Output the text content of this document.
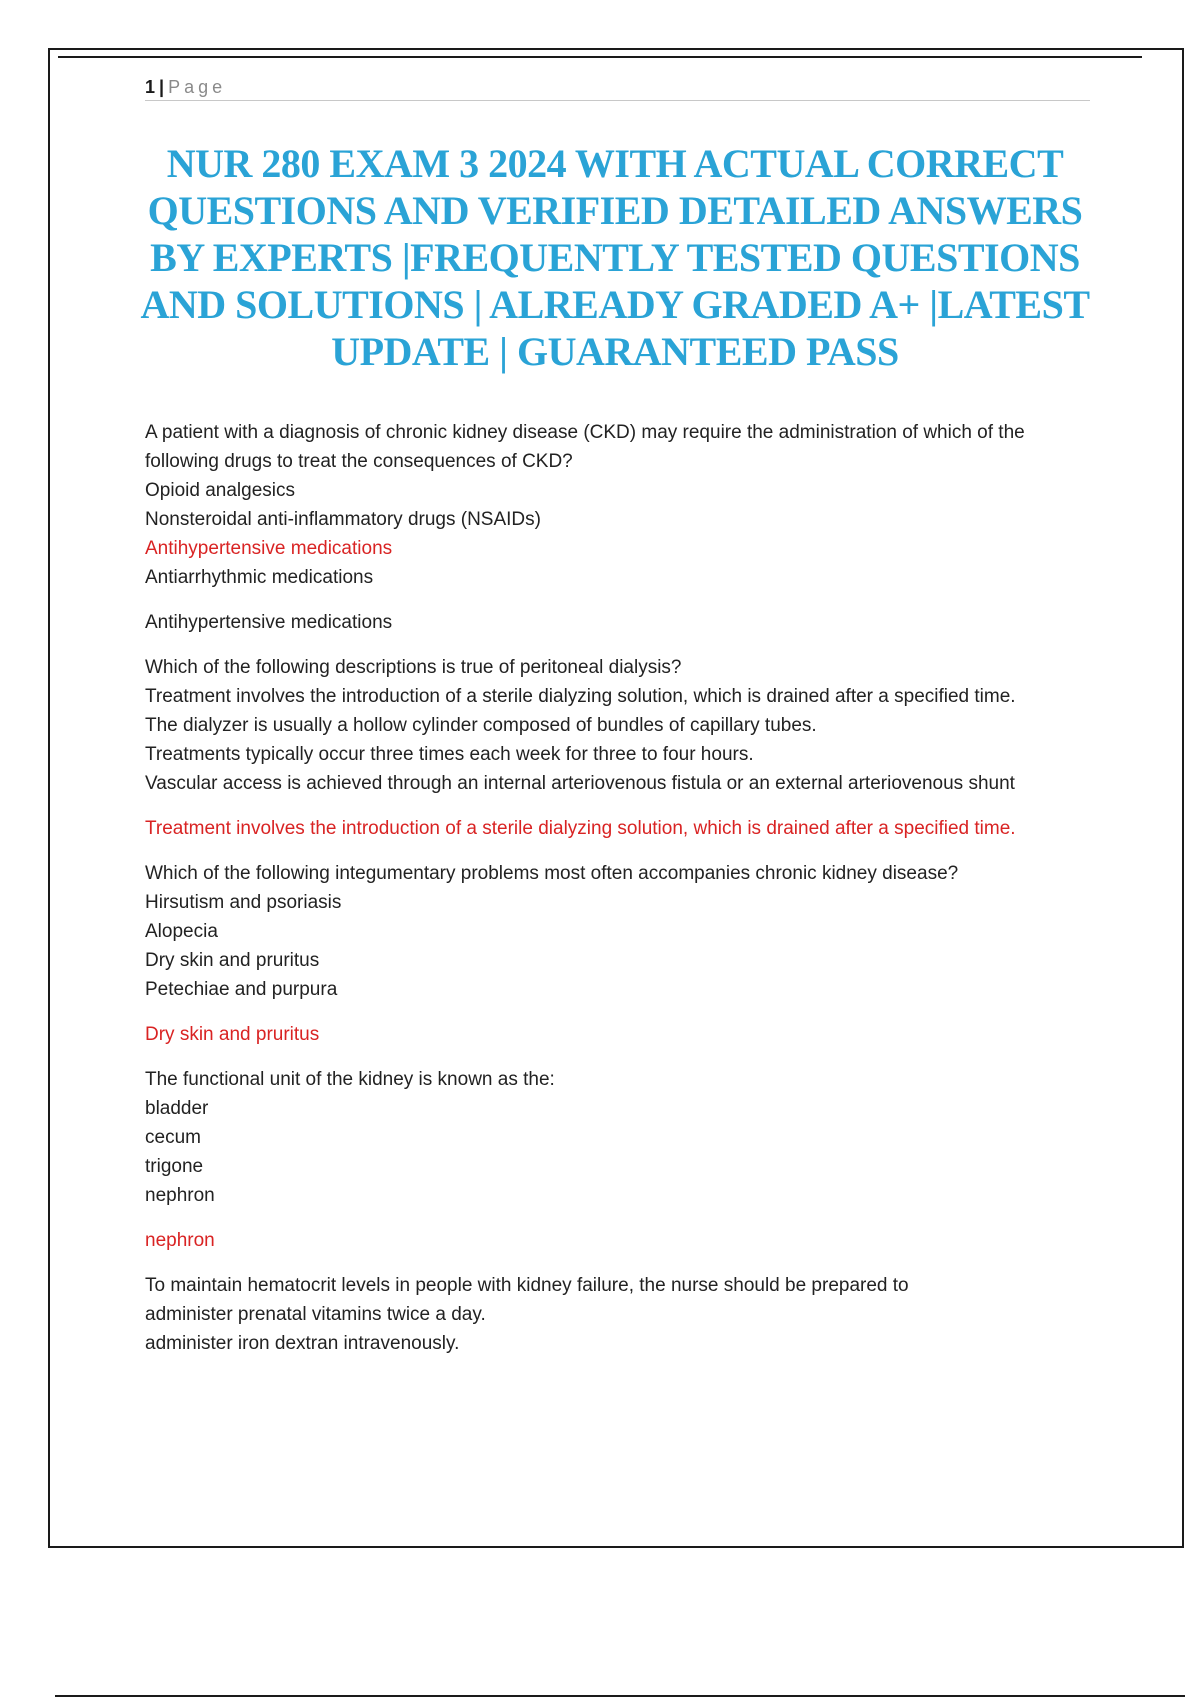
1 | Page
NUR 280 EXAM 3 2024 WITH ACTUAL CORRECT QUESTIONS AND VERIFIED DETAILED ANSWERS BY EXPERTS |FREQUENTLY TESTED QUESTIONS AND SOLUTIONS | ALREADY GRADED A+ |LATEST UPDATE | GUARANTEED PASS

A patient with a diagnosis of chronic kidney disease (CKD) may require the administration of which of the following drugs to treat the consequences of CKD?

Opioid analgesics

Nonsteroidal anti-inflammatory drugs (NSAIDs)

Antihypertensive medications

Antiarrhythmic medications

Antihypertensive medications

Which of the following descriptions is true of peritoneal dialysis?

Treatment involves the introduction of a sterile dialyzing solution, which is drained after a specified time.

The dialyzer is usually a hollow cylinder composed of bundles of capillary tubes.

Treatments typically occur three times each week for three to four hours.

Vascular access is achieved through an internal arteriovenous fistula or an external arteriovenous shunt

Treatment involves the introduction of a sterile dialyzing solution, which is drained after a specified time.

Which of the following integumentary problems most often accompanies chronic kidney disease?

Hirsutism and psoriasis

Alopecia

Dry skin and pruritus

Petechiae and purpura

Dry skin and pruritus

The functional unit of the kidney is known as the:

bladder

cecum

trigone

nephron

nephron

To maintain hematocrit levels in people with kidney failure, the nurse should be prepared to

administer prenatal vitamins twice a day.

administer iron dextran intravenously.
